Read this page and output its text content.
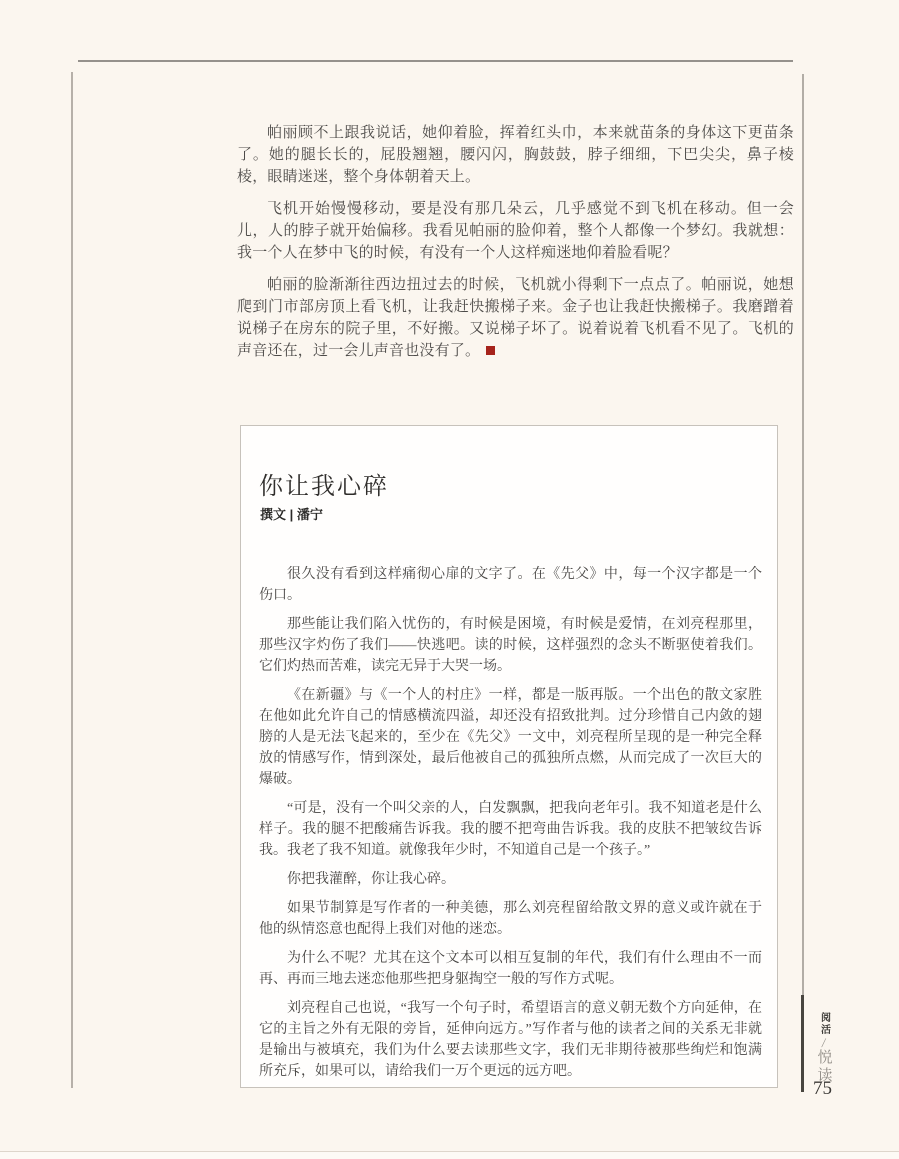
帕丽顾不上跟我说话，她仰着脸，挥着红头巾，本来就苗条的身体这下更苗条了。她的腿长长的，屁股翘翘，腰闪闪，胸鼓鼓，脖子细细，下巴尖尖，鼻子棱棱，眼睛迷迷，整个身体朝着天上。

飞机开始慢慢移动，要是没有那几朵云，几乎感觉不到飞机在移动。但一会儿，人的脖子就开始偏移。我看见帕丽的脸仰着，整个人都像一个梦幻。我就想：我一个人在梦中飞的时候，有没有一个人这样痴迷地仰着脸看呢？

帕丽的脸渐渐往西边扭过去的时候，飞机就小得剩下一点点了。帕丽说，她想爬到门市部房顶上看飞机，让我赶快搬梯子来。金子也让我赶快搬梯子。我磨蹭着说梯子在房东的院子里，不好搬。又说梯子坏了。说着说着飞机看不见了。飞机的声音还在，过一会儿声音也没有了。

你让我心碎
撰文 | 潘宁

很久没有看到这样痛彻心扉的文字了。在《先父》中，每一个汉字都是一个伤口。

那些能让我们陷入忧伤的，有时候是困境，有时候是爱情，在刘亮程那里，那些汉字灼伤了我们——快逃吧。读的时候，这样强烈的念头不断驱使着我们。它们灼热而苦难，读完无异于大哭一场。

《在新疆》与《一个人的村庄》一样，都是一版再版。一个出色的散文家胜在他如此允许自己的情感横流四溢，却还没有招致批判。过分珍惜自己内敛的翅膀的人是无法飞起来的，至少在《先父》一文中，刘亮程所呈现的是一种完全释放的情感写作，情到深处，最后他被自己的孤独所点燃，从而完成了一次巨大的爆破。

“可是，没有一个叫父亲的人，白发飘飘，把我向老年引。我不知道老是什么样子。我的腿不把酸痛告诉我。我的腰不把弯曲告诉我。我的皮肤不把皱纹告诉我。我老了我不知道。就像我年少时，不知道自己是一个孩子。”

你把我灌醉，你让我心碎。

如果节制算是写作者的一种美德，那么刘亮程留给散文界的意义或许就在于他的纵情恣意也配得上我们对他的迷恋。

为什么不呢？尤其在这个文本可以相互复制的年代，我们有什么理由不一而再、再而三地去迷恋他那些把身躯掏空一般的写作方式呢。

刘亮程自己也说，“我写一个句子时，希望语言的意义朝无数个方向延伸，在它的主旨之外有无限的旁旨，延伸向远方。”写作者与他的读者之间的关系无非就是输出与被填充，我们为什么要去读那些文字，我们无非期待被那些绚烂和饱满所充斥，如果可以，请给我们一万个更远的远方吧。

阅活
/
悦读
75
